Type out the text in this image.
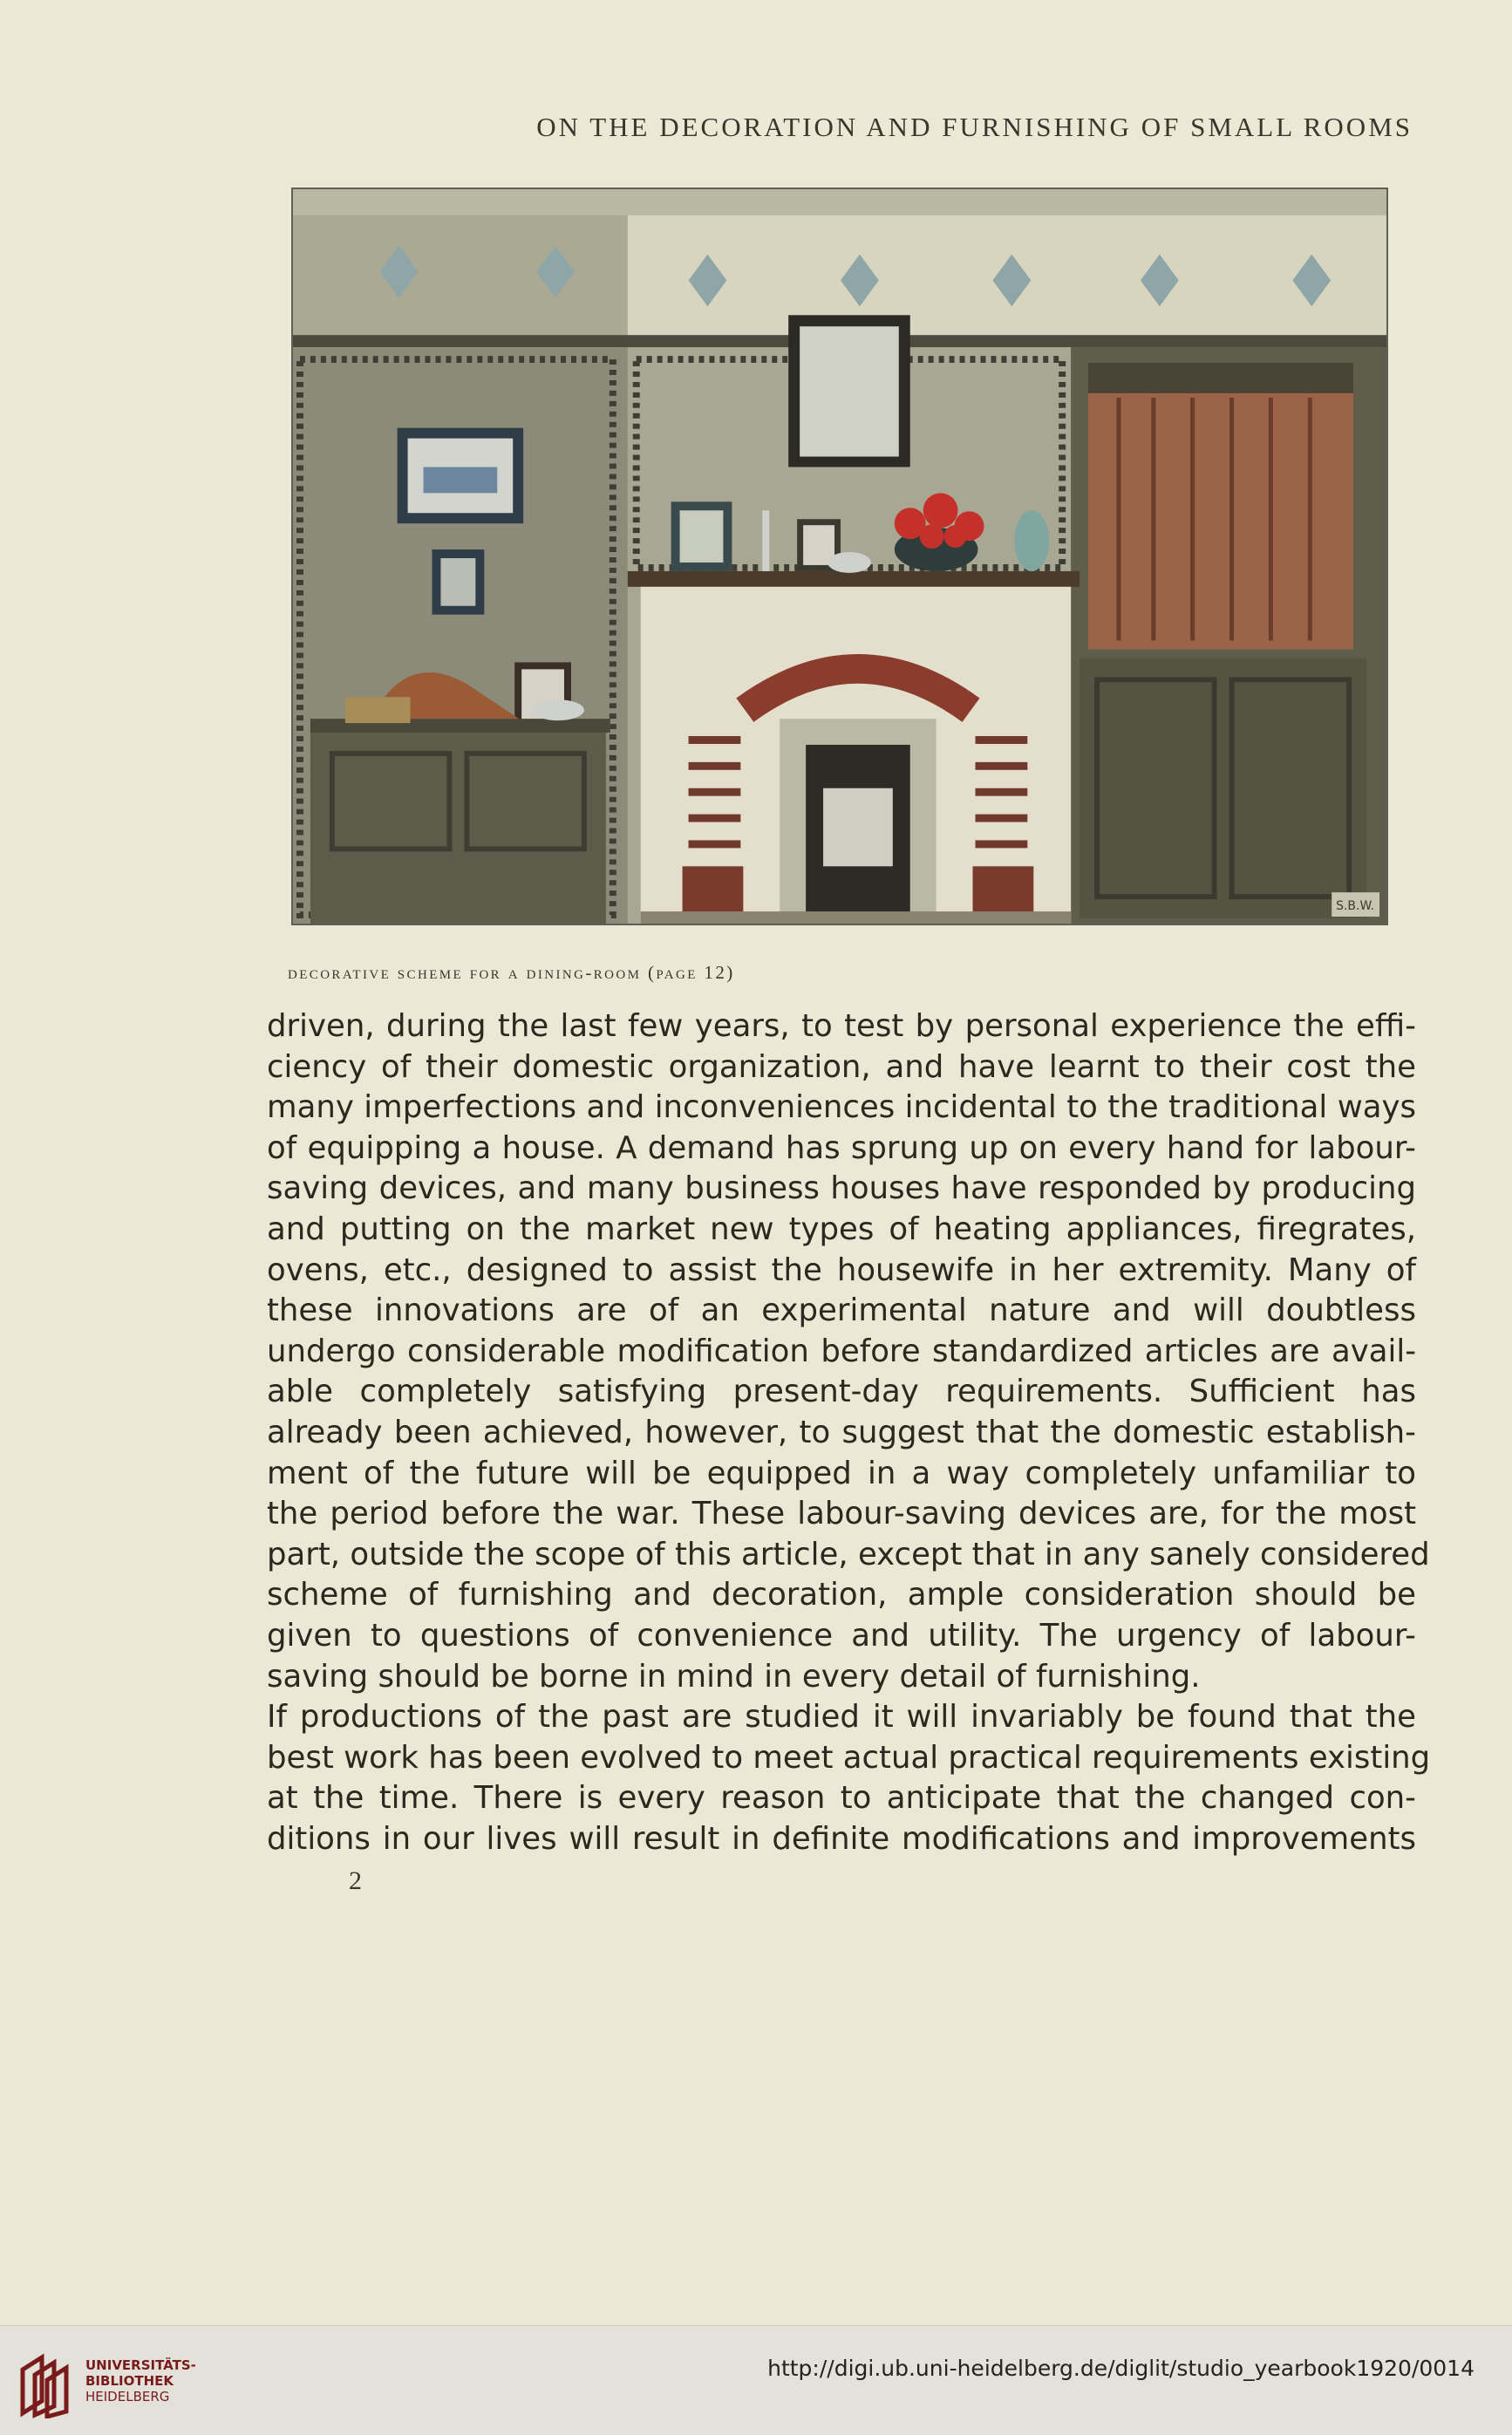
ON THE DECORATION AND FURNISHING OF SMALL ROOMS
S.B.W.
decorative scheme for a dining-room (page 12)
driven, during the last few years, to test by personal experience the effi-
ciency of their domestic organization, and have learnt to their cost the
many imperfections and inconveniences incidental to the traditional ways
of equipping a house. A demand has sprung up on every hand for labour-
saving devices, and many business houses have responded by producing
and putting on the market new types of heating appliances, firegrates,
ovens, etc., designed to assist the housewife in her extremity. Many of
these innovations are of an experimental nature and will doubtless
undergo considerable modification before standardized articles are avail-
able completely satisfying present-day requirements. Sufficient has
already been achieved, however, to suggest that the domestic establish-
ment of the future will be equipped in a way completely unfamiliar to
the period before the war. These labour-saving devices are, for the most
part, outside the scope of this article, except that in any sanely considered
scheme of furnishing and decoration, ample consideration should be
given to questions of convenience and utility. The urgency of labour-
saving should be borne in mind in every detail of furnishing.
If productions of the past are studied it will invariably be found that the
best work has been evolved to meet actual practical requirements existing
at the time. There is every reason to anticipate that the changed con-
ditions in our lives will result in definite modifications and improvements
2
UNIVERSITÄTS-
BIBLIOTHEK
HEIDELBERG
http://digi.ub.uni-heidelberg.de/diglit/studio_yearbook1920/0014
